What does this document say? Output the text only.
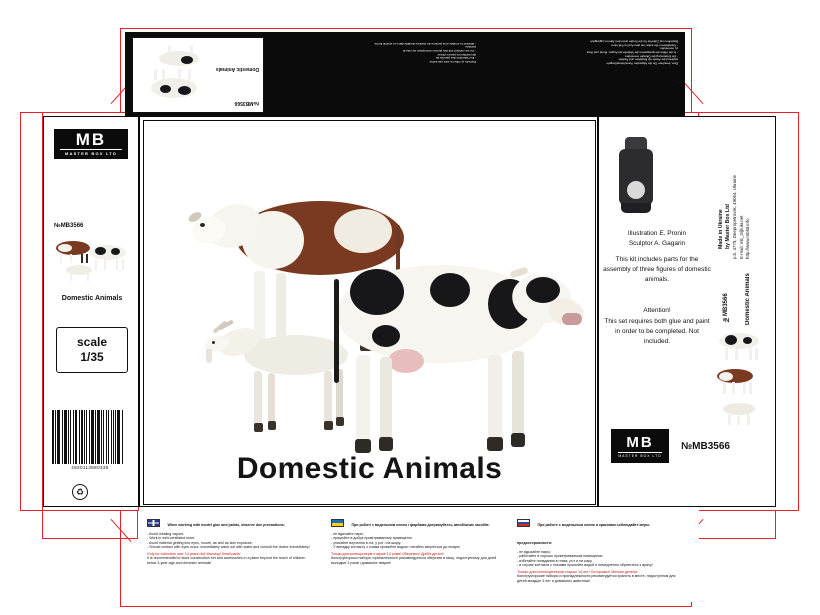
№MB3566
Domestic Animals
Peinture et colle ne sont pas inclus
- lire l'attention des parents de
des parties les pieces vitrees
- Ce set contient soit des pieces recomposer de cote la
peinture
- attacher le modele et la peinture de maniere durable dans un endroit ferme.
Eine, beachten Sie die folgenden Vorsichtsmaßregeln
während der Arbeit mit Modellen und Farben:
- Die Einatmung der Dämpfe vermeiden.
- In der Nähe der geeigneten der Modelle mit Augen, Mund und Haut
zu vermeiden.
- Kontaktieren Sie sofort mit dem Arzt im Fall einer
Bauteilen und Zubehör für die Kinder unter drei Jahren zugänglich
MB
MASTER BOX LTD
№MB3566
Domestic Animals
scale
1/35
4820113580335
♻
Domestic Animals
Illustration E. Pronin
Sculptor A. Gagarin
This kit includes parts for the assembly of three figures of domestic animals.
Attention!
This set requires both glue and paint in order to be completed. Not included.
Made in Ukraine by Master Box Ltd p.b. 4779, Dnepropetrovsk, 49064, Ukraine E-mail: mb_3@ukr.net http://www.mbltd.info
№MB3566	Domestic Animals
MB
MASTER BOX LTD
№MB3566
When working with model glue and paints, observe due precautions:
- Avoid inhaling vapors.
- Work in well-ventilated room.
- Avoid material getting into eyes, mouth, as well as skin exposure.
- Should contact with eyes occur, immediately wash out with water and consult the doctor immediately!
Only for collectors over 14 years old! Warning! Small parts!
It is recommended to store construction set and accessories in a place beyond the reach of children below 3-year age and domestic animals!
При роботі з модельним клеєм і фарбами дотримуйтесь запобіжних засобів:
- не вдихайте пари;
- працюйте в добре провітрюваному приміщенні.
- уникайте влучення в очі, у рот і на шкіру.
- У випадку контакту з очима промийте водою і негайно зверніться до лікаря!
Тільки для колекціонерів старше 14 років! Обережно! Дрібні деталі!
Конструкторські набори і приналежності рекомендується зберігати в місці, недоступному для дітей молодше 3 років і домашніх тварин!
При работе с модельным клеем и красками соблюдайте меры предосторожности:
- не вдыхайте пары;
- работайте в хорошо проветриваемом помещении.
- избегайте попадания в глаза, рот и на кожу.
- в случае контакта с глазами промойте водой и немедленно обратитесь к врачу!
Только для коллекционеров старше 14 лет! Осторожно! Мелкие детали!
Конструкторские наборы и принадлежности рекомендуется хранить в месте, недоступном для детей младше 3 лет и домашних животных!
